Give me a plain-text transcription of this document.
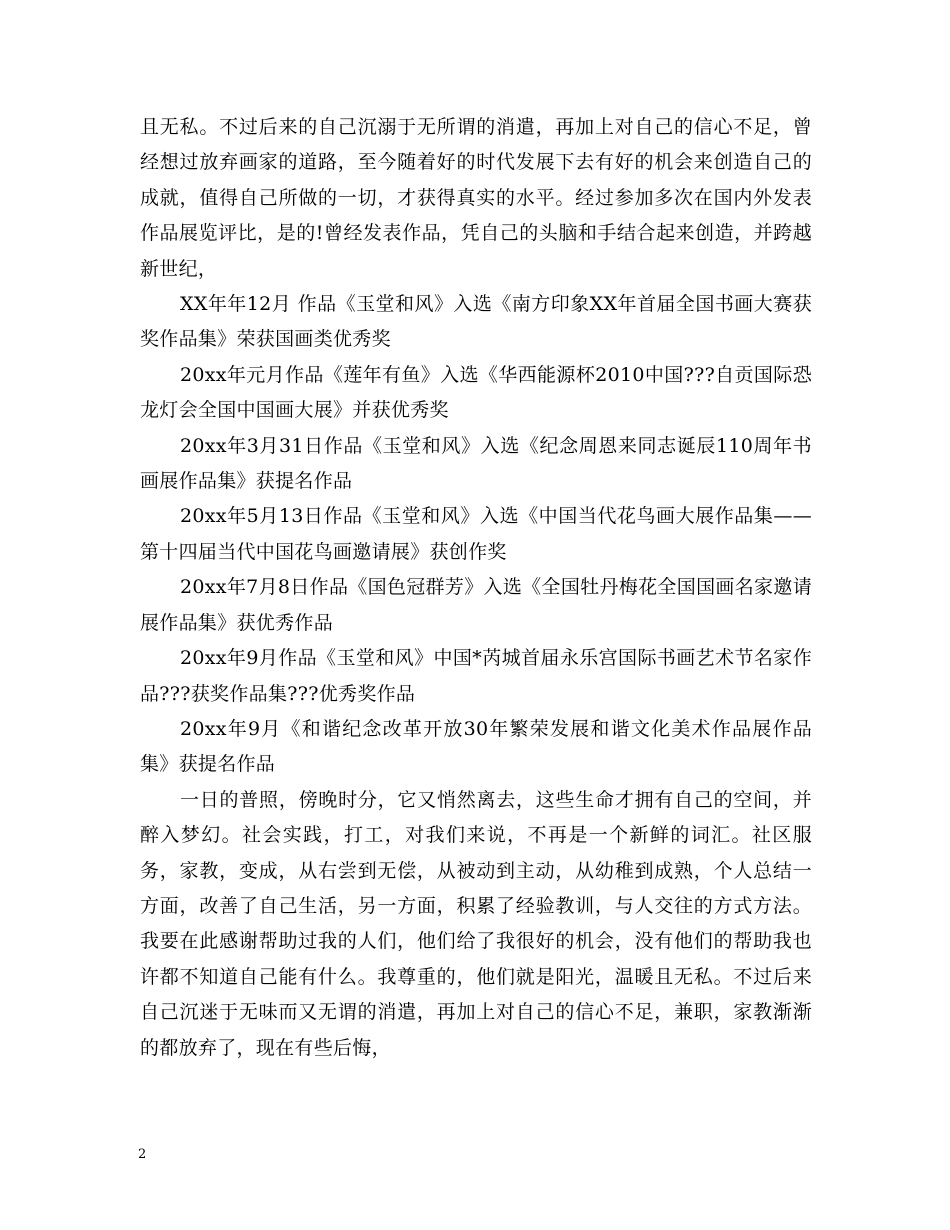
且无私。不过后来的自己沉溺于无所谓的消遣，再加上对自己的信心不足，曾经想过放弃画家的道路，至今随着好的时代发展下去有好的机会来创造自己的成就，值得自己所做的一切，才获得真实的水平。经过参加多次在国内外发表作品展览评比，是的!曾经发表作品，凭自己的头脑和手结合起来创造，并跨越新世纪，

XX年年12月 作品《玉堂和风》入选《南方印象XX年首届全国书画大赛获奖作品集》荣获国画类优秀奖

20xx年元月作品《莲年有鱼》入选《华西能源杯2010中国???自贡国际恐龙灯会全国中国画大展》并获优秀奖

20xx年3月31日作品《玉堂和风》入选《纪念周恩来同志诞辰110周年书画展作品集》获提名作品

20xx年5月13日作品《玉堂和风》入选《中国当代花鸟画大展作品集——第十四届当代中国花鸟画邀请展》获创作奖

20xx年7月8日作品《国色冠群芳》入选《全国牡丹梅花全国国画名家邀请展作品集》获优秀作品

20xx年9月作品《玉堂和风》中国*芮城首届永乐宫国际书画艺术节名家作品???获奖作品集???优秀奖作品

20xx年9月《和谐纪念改革开放30年繁荣发展和谐文化美术作品展作品集》获提名作品

一日的普照，傍晚时分，它又悄然离去，这些生命才拥有自己的空间，并醉入梦幻。社会实践，打工，对我们来说，不再是一个新鲜的词汇。社区服务，家教，变成，从右尝到无偿，从被动到主动，从幼稚到成熟，个人总结一方面，改善了自己生活，另一方面，积累了经验教训，与人交往的方式方法。我要在此感谢帮助过我的人们，他们给了我很好的机会，没有他们的帮助我也许都不知道自己能有什么。我尊重的，他们就是阳光，温暖且无私。不过后来自己沉迷于无味而又无谓的消遣，再加上对自己的信心不足，兼职，家教渐渐的都放弃了，现在有些后悔，

2
